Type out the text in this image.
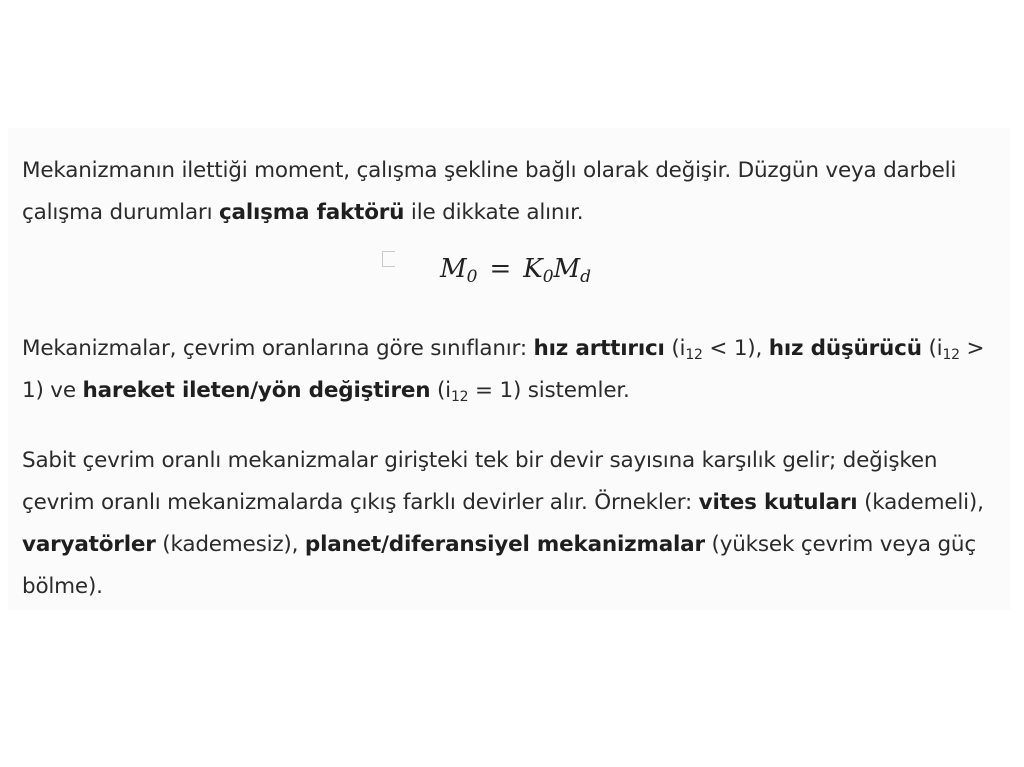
Mekanizmanın ilettiği moment, çalışma şekline bağlı olarak değişir. Düzgün veya darbeli çalışma durumları çalışma faktörü ile dikkate alınır.

$M_0 = K_0M_d$

Mekanizmalar, çevrim oranlarına göre sınıflanır: hız arttırıcı (i12 < 1), hız düşürücü (i12 > 1) ve hareket ileten/yön değiştiren (i12 = 1) sistemler.

Sabit çevrim oranlı mekanizmalar girişteki tek bir devir sayısına karşılık gelir; değişken çevrim oranlı mekanizmalarda çıkış farklı devirler alır. Örnekler: vites kutuları (kademeli), varyatörler (kademesiz), planet/diferansiyel mekanizmalar (yüksek çevrim veya güç bölme).
